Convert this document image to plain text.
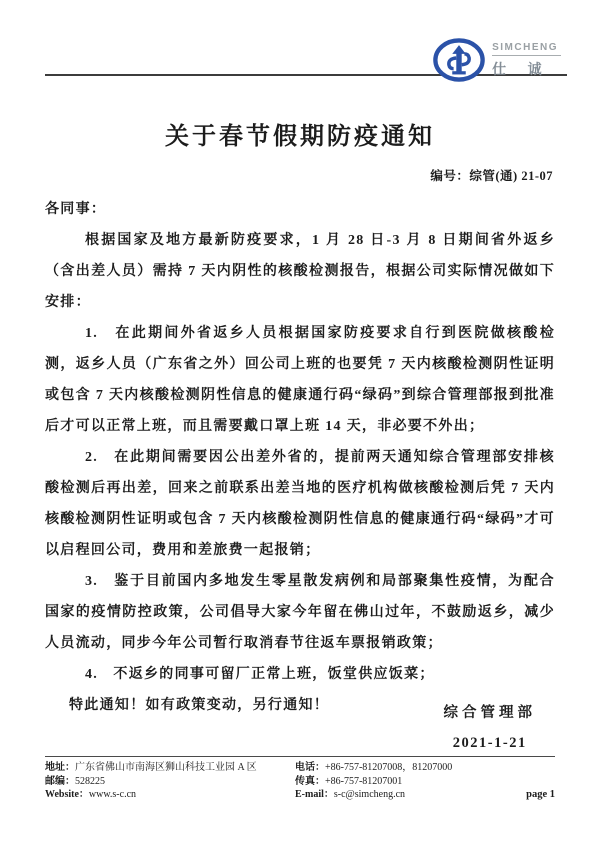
SIMCHENG
仕 诚
关于春节假期防疫通知
编号：综管(通) 21-07

各同事：

根据国家及地方最新防疫要求，1 月 28 日-3 月 8 日期间省外返乡（含出差人员）需持 7 天内阴性的核酸检测报告，根据公司实际情况做如下安排：

1.　在此期间外省返乡人员根据国家防疫要求自行到医院做核酸检测，返乡人员（广东省之外）回公司上班的也要凭 7 天内核酸检测阴性证明或包含 7 天内核酸检测阴性信息的健康通行码“绿码”到综合管理部报到批准后才可以正常上班，而且需要戴口罩上班 14 天，非必要不外出；

2.　在此期间需要因公出差外省的，提前两天通知综合管理部安排核酸检测后再出差，回来之前联系出差当地的医疗机构做核酸检测后凭 7 天内核酸检测阴性证明或包含 7 天内核酸检测阴性信息的健康通行码“绿码”才可以启程回公司，费用和差旅费一起报销；

3.　鉴于目前国内多地发生零星散发病例和局部聚集性疫情，为配合国家的疫情防控政策，公司倡导大家今年留在佛山过年，不鼓励返乡，减少人员流动，同步今年公司暂行取消春节往返车票报销政策；

4.　不返乡的同事可留厂正常上班，饭堂供应饭菜；

特此通知！如有政策变动，另行通知！	综合管理部
2021-1-21
地址：广东省佛山市南海区狮山科技工业园 A 区	电话：+86-757-81207008，81207000
邮编：528225	传真：+86-757-81207001
Website：www.s-c.cn	E-mail：s-c@simcheng.cn	page 1
